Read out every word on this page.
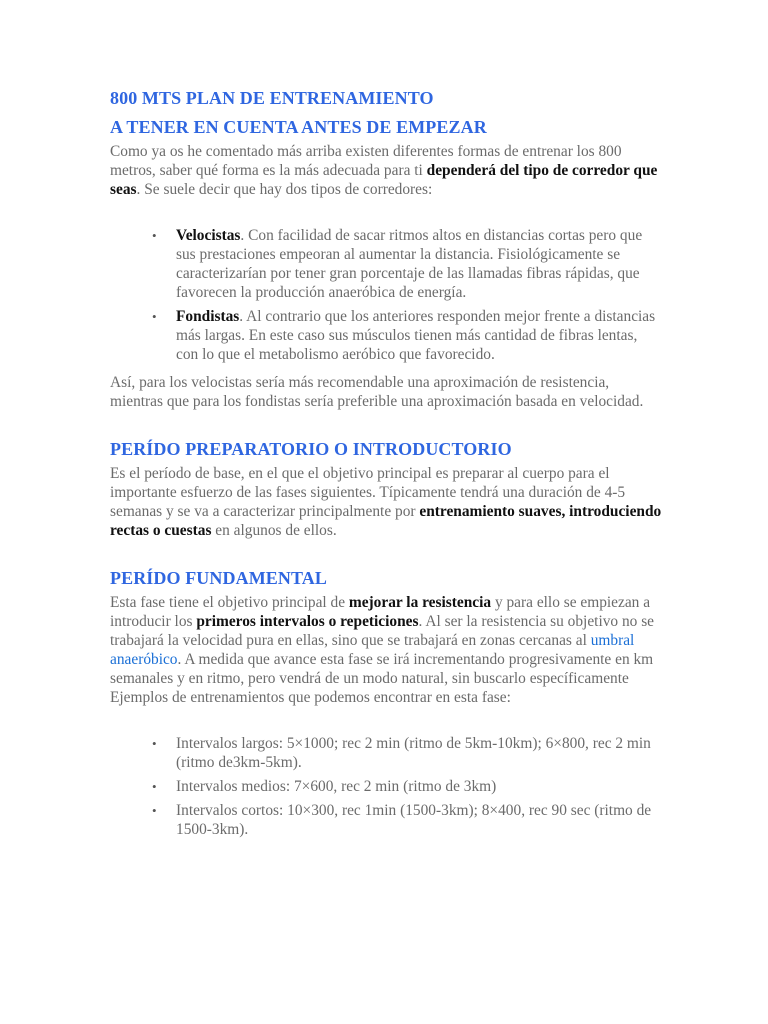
800 MTS PLAN DE ENTRENAMIENTO
A TENER EN CUENTA ANTES DE EMPEZAR

Como ya os he comentado más arriba existen diferentes formas de entrenar los 800 metros, saber qué forma es la más adecuada para ti dependerá del tipo de corredor que seas. Se suele decir que hay dos tipos de corredores:

• Velocistas. Con facilidad de sacar ritmos altos en distancias cortas pero que sus prestaciones empeoran al aumentar la distancia. Fisiológicamente se caracterizarían por tener gran porcentaje de las llamadas fibras rápidas, que favorecen la producción anaeróbica de energía.
• Fondistas. Al contrario que los anteriores responden mejor frente a distancias más largas. En este caso sus músculos tienen más cantidad de fibras lentas, con lo que el metabolismo aeróbico que favorecido.

Así, para los velocistas sería más recomendable una aproximación de resistencia, mientras que para los fondistas sería preferible una aproximación basada en velocidad.

PERÍDO PREPARATORIO O INTRODUCTORIO

Es el período de base, en el que el objetivo principal es preparar al cuerpo para el importante esfuerzo de las fases siguientes. Típicamente tendrá una duración de 4-5 semanas y se va a caracterizar principalmente por entrenamiento suaves, introduciendo rectas o cuestas en algunos de ellos.

PERÍDO FUNDAMENTAL

Esta fase tiene el objetivo principal de mejorar la resistencia y para ello se empiezan a introducir los primeros intervalos o repeticiones. Al ser la resistencia su objetivo no se trabajará la velocidad pura en ellas, sino que se trabajará en zonas cercanas al umbral anaeróbico. A medida que avance esta fase se irá incrementando progresivamente en km semanales y en ritmo, pero vendrá de un modo natural, sin buscarlo específicamente Ejemplos de entrenamientos que podemos encontrar en esta fase:

• Intervalos largos: 5×1000; rec 2 min (ritmo de 5km-10km); 6×800, rec 2 min (ritmo de3km-5km).
• Intervalos medios: 7×600, rec 2 min (ritmo de 3km)
• Intervalos cortos: 10×300, rec 1min (1500-3km); 8×400, rec 90 sec (ritmo de 1500-3km).
